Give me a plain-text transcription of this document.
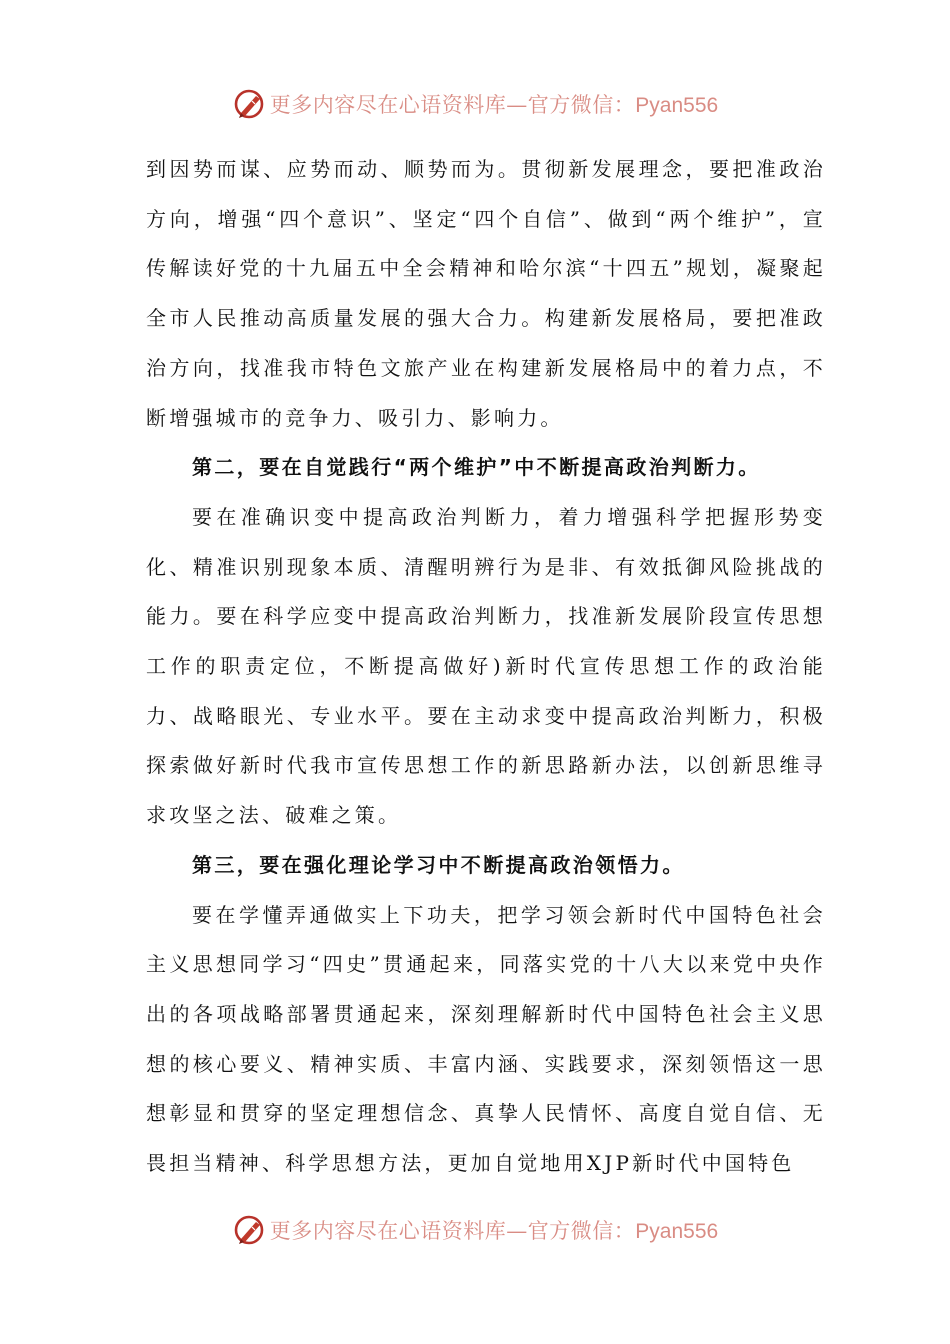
更多内容尽在心语资料库—官方微信：Pyan556

到因势而谋、应势而动、顺势而为。贯彻新发展理念，要把准政治方向，增强“四个意识”、坚定“四个自信”、做到“两个维护”，宣传解读好党的十九届五中全会精神和哈尔滨“十四五”规划，凝聚起全市人民推动高质量发展的强大合力。构建新发展格局，要把准政治方向，找准我市特色文旅产业在构建新发展格局中的着力点，不断增强城市的竞争力、吸引力、影响力。

第二，要在自觉践行“两个维护”中不断提高政治判断力。

要在准确识变中提高政治判断力，着力增强科学把握形势变化、精准识别现象本质、清醒明辨行为是非、有效抵御风险挑战的能力。要在科学应变中提高政治判断力，找准新发展阶段宣传思想工作的职责定位，不断提高做好)新时代宣传思想工作的政治能力、战略眼光、专业水平。要在主动求变中提高政治判断力，积极探索做好新时代我市宣传思想工作的新思路新办法，以创新思维寻求攻坚之法、破难之策。

第三，要在强化理论学习中不断提高政治领悟力。

要在学懂弄通做实上下功夫，把学习领会新时代中国特色社会主义思想同学习“四史”贯通起来，同落实党的十八大以来党中央作出的各项战略部署贯通起来，深刻理解新时代中国特色社会主义思想的核心要义、精神实质、丰富内涵、实践要求，深刻领悟这一思想彰显和贯穿的坚定理想信念、真挚人民情怀、高度自觉自信、无畏担当精神、科学思想方法，更加自觉地用XJP新时代中国特色

更多内容尽在心语资料库—官方微信：Pyan556
